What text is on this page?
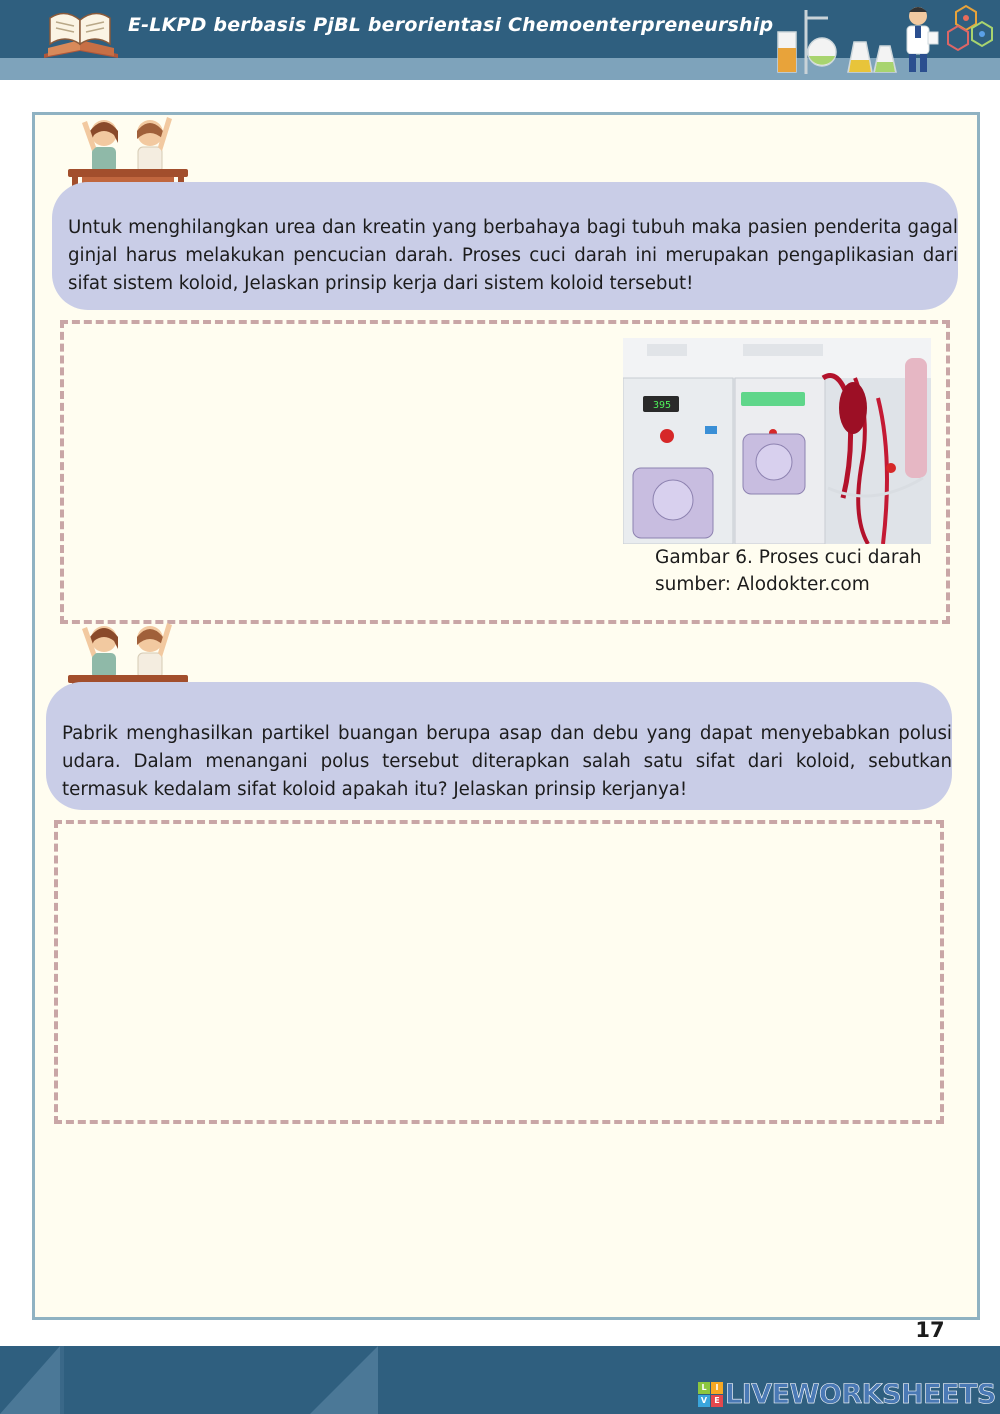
E-LKPD berbasis PjBL berorientasi Chemoenterpreneurship

Untuk menghilangkan urea dan kreatin yang berbahaya bagi tubuh maka pasien penderita gagal ginjal harus melakukan pencucian darah. Proses cuci darah ini merupakan pengaplikasian dari sifat sistem koloid, Jelaskan prinsip kerja dari sistem koloid tersebut!

395
Gambar 6. Proses cuci darah
sumber: Alodokter.com

Pabrik menghasilkan partikel buangan berupa asap dan debu yang dapat menyebabkan polusi udara. Dalam menangani polus tersebut diterapkan salah satu sifat dari koloid, sebutkan termasuk kedalam sifat koloid apakah itu? Jelaskan prinsip kerjanya!

17
L	I
V E LIVEWORKSHEETS
